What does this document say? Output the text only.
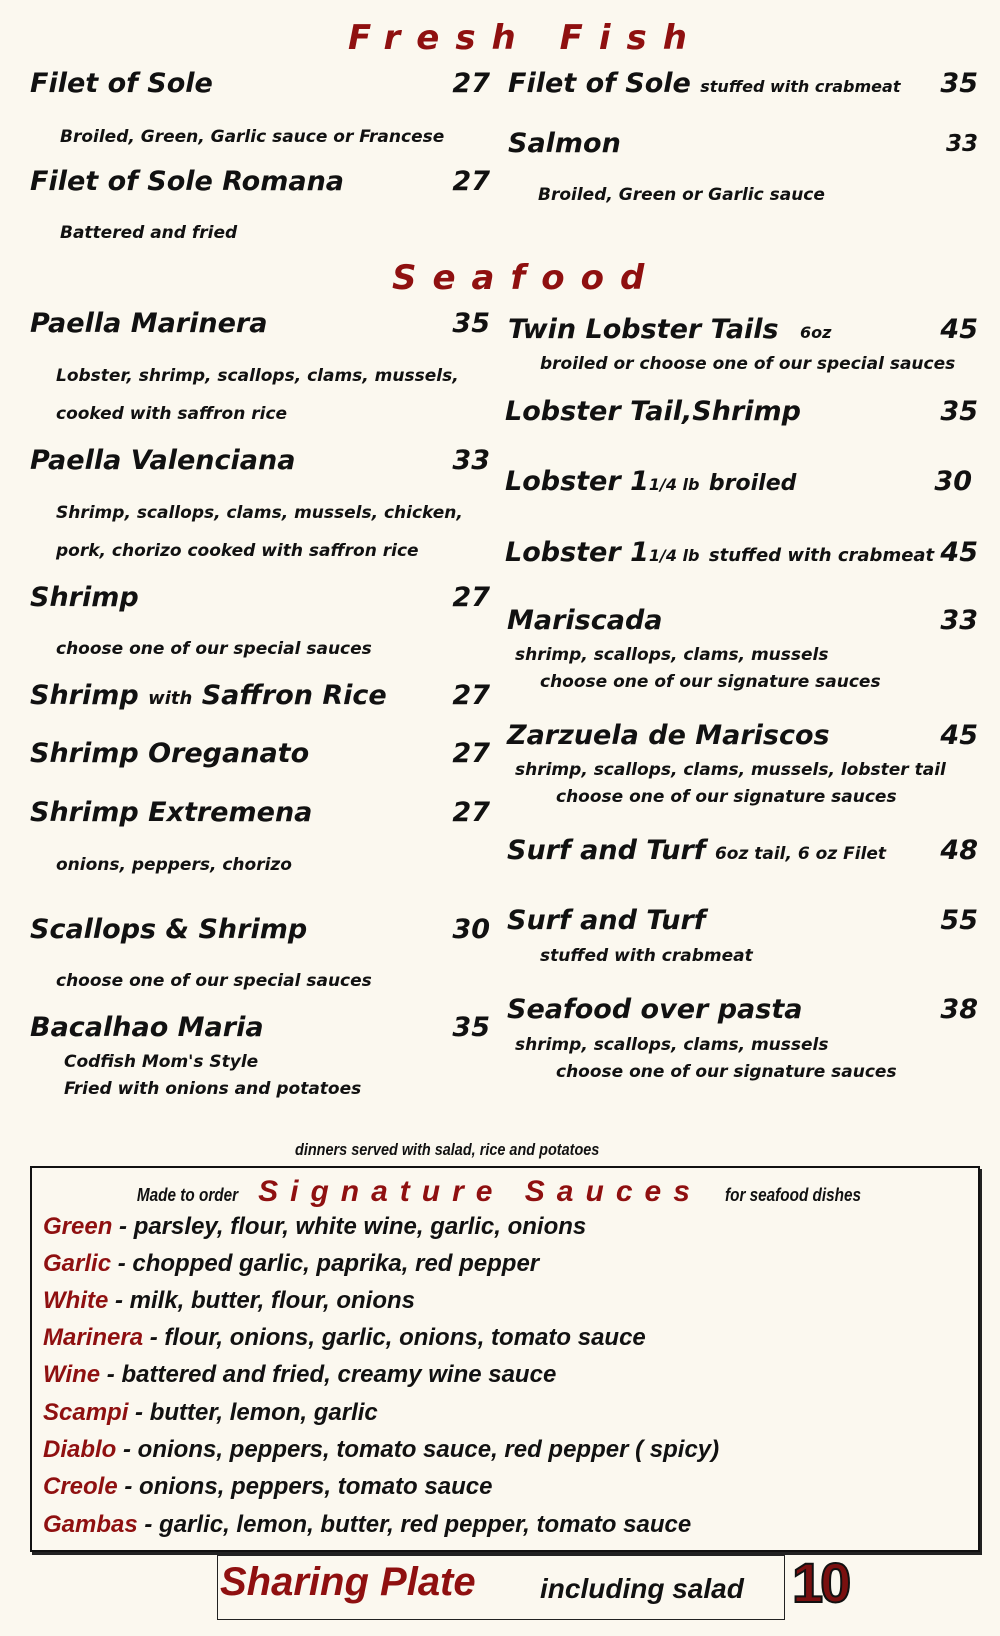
Fresh Fish
Filet of Sole	27
Broiled, Green, Garlic sauce or Francese
Filet of Sole Romana	27
Battered and fried
Filet of Sole stuffed with crabmeat	35
Salmon	33
Broiled, Green or Garlic sauce
Seafood
Paella Marinera	35
Lobster, shrimp, scallops, clams, mussels,
cooked with saffron rice
Paella Valenciana	33
Shrimp, scallops, clams, mussels, chicken,
pork, chorizo cooked with saffron rice
Shrimp	27
choose one of our special sauces
Shrimp with Saffron Rice	27
Shrimp Oreganato	27
Shrimp Extremena	27
onions, peppers, chorizo
Scallops & Shrimp	30
choose one of our special sauces
Bacalhao Maria	35
Codfish Mom's Style
Fried with onions and potatoes
Twin Lobster Tails 6oz	45
broiled or choose one of our special sauces
Lobster Tail,Shrimp	35
Lobster 11/4 lb broiled	30
Lobster 11/4 lb stuffed with crabmeat 45
Mariscada	33
shrimp, scallops, clams, mussels
choose one of our signature sauces
Zarzuela de Mariscos	45
shrimp, scallops, clams, mussels, lobster tail
choose one of our signature sauces
Surf and Turf 6oz tail, 6 oz Filet	48
Surf and Turf	55
stuffed with crabmeat
Seafood over pasta	38
shrimp, scallops, clams, mussels
choose one of our signature sauces
dinners served with salad, rice and potatoes
Made to order Signature Sauces for seafood dishes
Green - parsley, flour, white wine, garlic, onions
Garlic - chopped garlic, paprika, red pepper
White - milk, butter, flour, onions
Marinera - flour, onions, garlic, onions, tomato sauce
Wine - battered and fried, creamy wine sauce
Scampi - butter, lemon, garlic
Diablo - onions, peppers, tomato sauce, red pepper ( spicy)
Creole - onions, peppers, tomato sauce
Gambas - garlic, lemon, butter, red pepper, tomato sauce
Sharing Plate including salad 10
